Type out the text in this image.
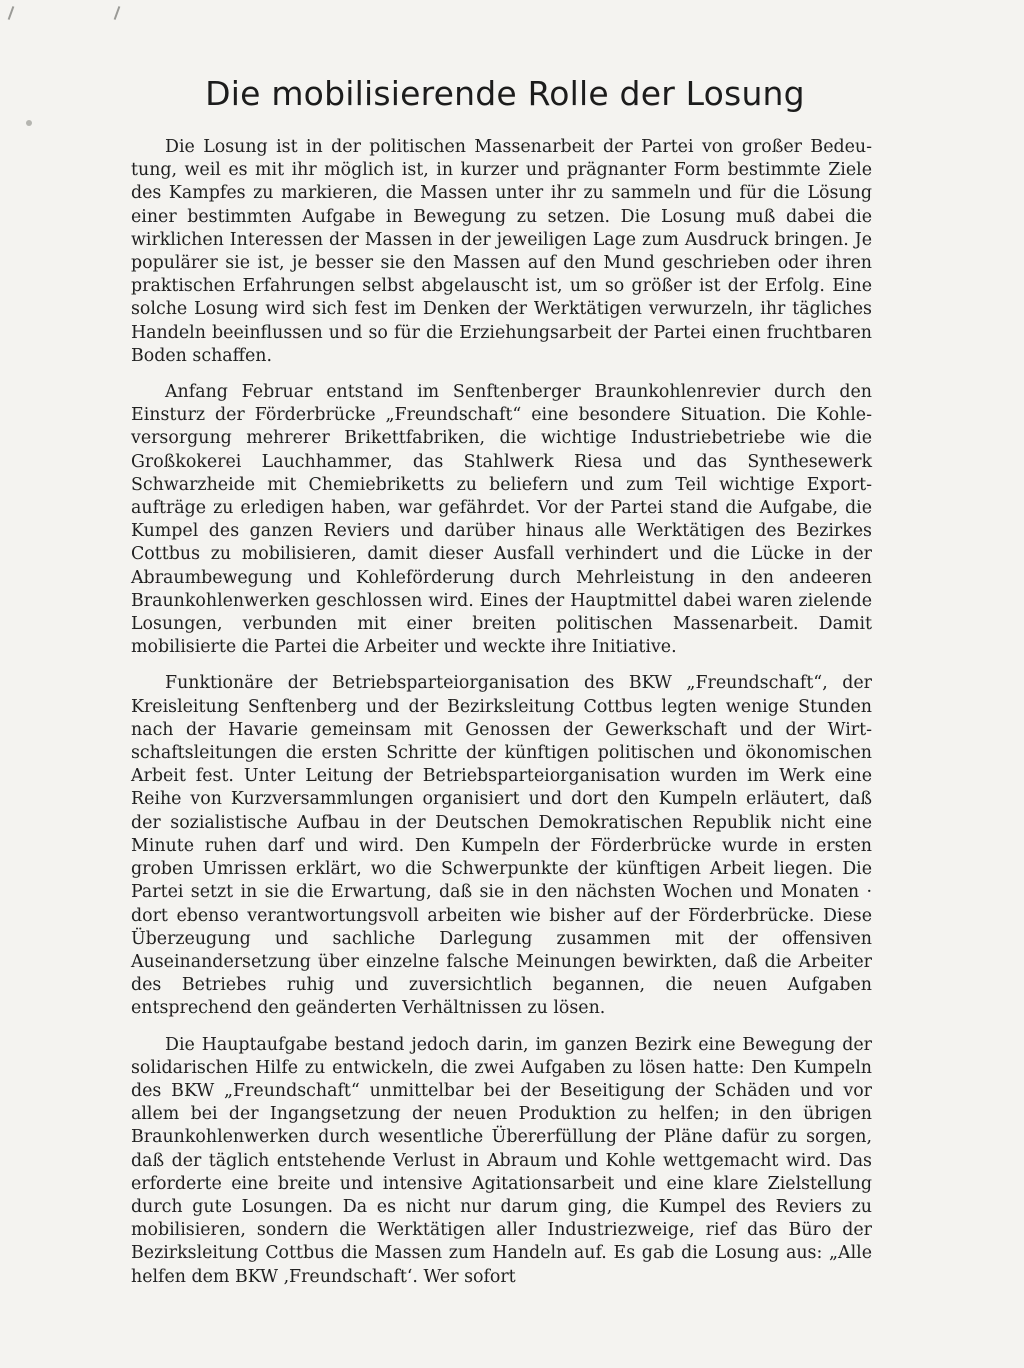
Die mobilisierende Rolle der Losung

Die Losung ist in der politischen Massenarbeit der Partei von großer Bedeutung, weil es mit ihr möglich ist, in kurzer und prägnanter Form bestimmte Ziele des Kampfes zu markieren, die Massen unter ihr zu sammeln und für die Lösung einer bestimmten Aufgabe in Bewegung zu setzen. Die Losung muß dabei die wirklichen Interessen der Massen in der jeweiligen Lage zum Ausdruck bringen. Je populärer sie ist, je besser sie den Massen auf den Mund geschrieben oder ihren praktischen Erfahrungen selbst abgelauscht ist, um so größer ist der Erfolg. Eine solche Losung wird sich fest im Denken der Werktätigen verwurzeln, ihr tägliches Handeln beeinflussen und so für die Erziehungsarbeit der Partei einen fruchtbaren Boden schaffen.

Anfang Februar entstand im Senftenberger Braunkohlenrevier durch den Einsturz der Förderbrücke „Freundschaft“ eine besondere Situation. Die Kohleversorgung mehrerer Brikettfabriken, die wichtige Industriebetriebe wie die Großkokerei Lauchhammer, das Stahlwerk Riesa und das Synthesewerk Schwarzheide mit Chemiebriketts zu beliefern und zum Teil wichtige Exportaufträge zu erledigen haben, war gefährdet. Vor der Partei stand die Aufgabe, die Kumpel des ganzen Reviers und darüber hinaus alle Werktätigen des Bezirkes Cottbus zu mobilisieren, damit dieser Ausfall verhindert und die Lücke in der Abraumbewegung und Kohleförderung durch Mehrleistung in den andeeren Braunkohlenwerken geschlossen wird. Eines der Hauptmittel dabei waren zielende Losungen, verbunden mit einer breiten politischen Massenarbeit. Damit mobilisierte die Partei die Arbeiter und weckte ihre Initiative.

Funktionäre der Betriebsparteiorganisation des BKW „Freundschaft“, der Kreisleitung Senftenberg und der Bezirksleitung Cottbus legten wenige Stunden nach der Havarie gemeinsam mit Genossen der Gewerkschaft und der Wirtschaftsleitungen die ersten Schritte der künftigen politischen und ökonomischen Arbeit fest. Unter Leitung der Betriebsparteiorganisation wurden im Werk eine Reihe von Kurzversammlungen organisiert und dort den Kumpeln erläutert, daß der sozialistische Aufbau in der Deutschen Demokratischen Republik nicht eine Minute ruhen darf und wird. Den Kumpeln der Förderbrücke wurde in ersten groben Umrissen erklärt, wo die Schwerpunkte der künftigen Arbeit liegen. Die Partei setzt in sie die Erwartung, daß sie in den nächsten Wochen und Monaten · dort ebenso verantwortungsvoll arbeiten wie bisher auf der Förderbrücke. Diese Überzeugung und sachliche Darlegung zusammen mit der offensiven Auseinandersetzung über einzelne falsche Meinungen bewirkten, daß die Arbeiter des Betriebes ruhig und zuversichtlich begannen, die neuen Aufgaben entsprechend den geänderten Verhältnissen zu lösen.

Die Hauptaufgabe bestand jedoch darin, im ganzen Bezirk eine Bewegung der solidarischen Hilfe zu entwickeln, die zwei Aufgaben zu lösen hatte: Den Kumpeln des BKW „Freundschaft“ unmittelbar bei der Beseitigung der Schäden und vor allem bei der Ingangsetzung der neuen Produktion zu helfen; in den übrigen Braunkohlenwerken durch wesentliche Übererfüllung der Pläne dafür zu sorgen, daß der täglich entstehende Verlust in Abraum und Kohle wettgemacht wird. Das erforderte eine breite und intensive Agitationsarbeit und eine klare Zielstellung durch gute Losungen. Da es nicht nur darum ging, die Kumpel des Reviers zu mobilisieren, sondern die Werktätigen aller Industriezweige, rief das Büro der Bezirksleitung Cottbus die Massen zum Handeln auf. Es gab die Losung aus: „Alle helfen dem BKW ‚Freundschaft‘. Wer sofort
